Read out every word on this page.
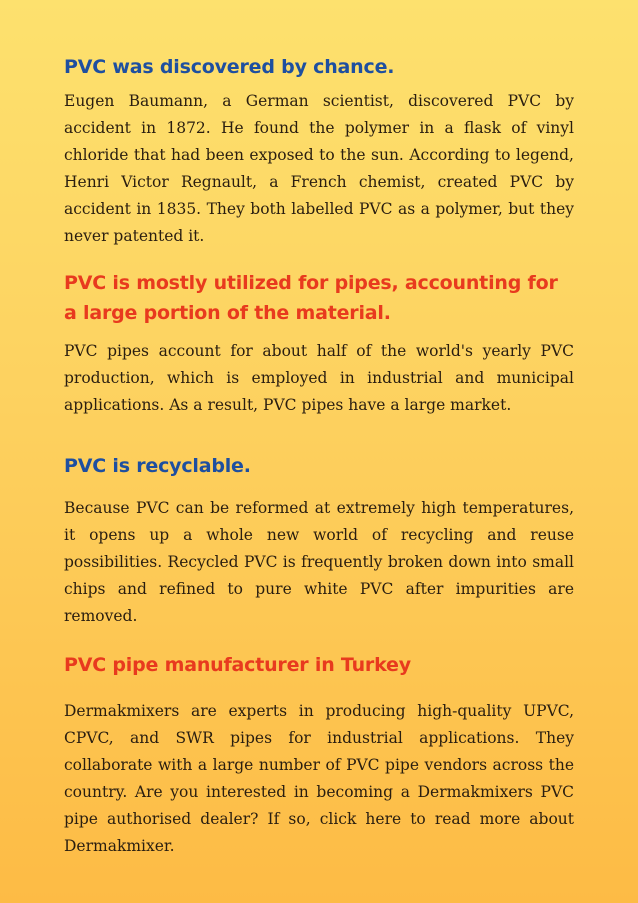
PVC was discovered by chance.

Eugen Baumann, a German scientist, discovered PVC by accident in 1872. He found the polymer in a flask of vinyl chloride that had been exposed to the sun. According to legend, Henri Victor Regnault, a French chemist, created PVC by accident in 1835. They both labelled PVC as a polymer, but they never patented it.

PVC is mostly utilized for pipes, accounting for a large portion of the material.

PVC pipes account for about half of the world's yearly PVC production, which is employed in industrial and municipal applications. As a result, PVC pipes have a large market.

PVC is recyclable.

Because PVC can be reformed at extremely high temperatures, it opens up a whole new world of recycling and reuse possibilities. Recycled PVC is frequently broken down into small chips and refined to pure white PVC after impurities are removed.

PVC pipe manufacturer in Turkey

Dermakmixers are experts in producing high-quality UPVC, CPVC, and SWR pipes for industrial applications. They collaborate with a large number of PVC pipe vendors across the country. Are you interested in becoming a Dermakmixers PVC pipe authorised dealer? If so, click here to read more about Dermakmixer.
